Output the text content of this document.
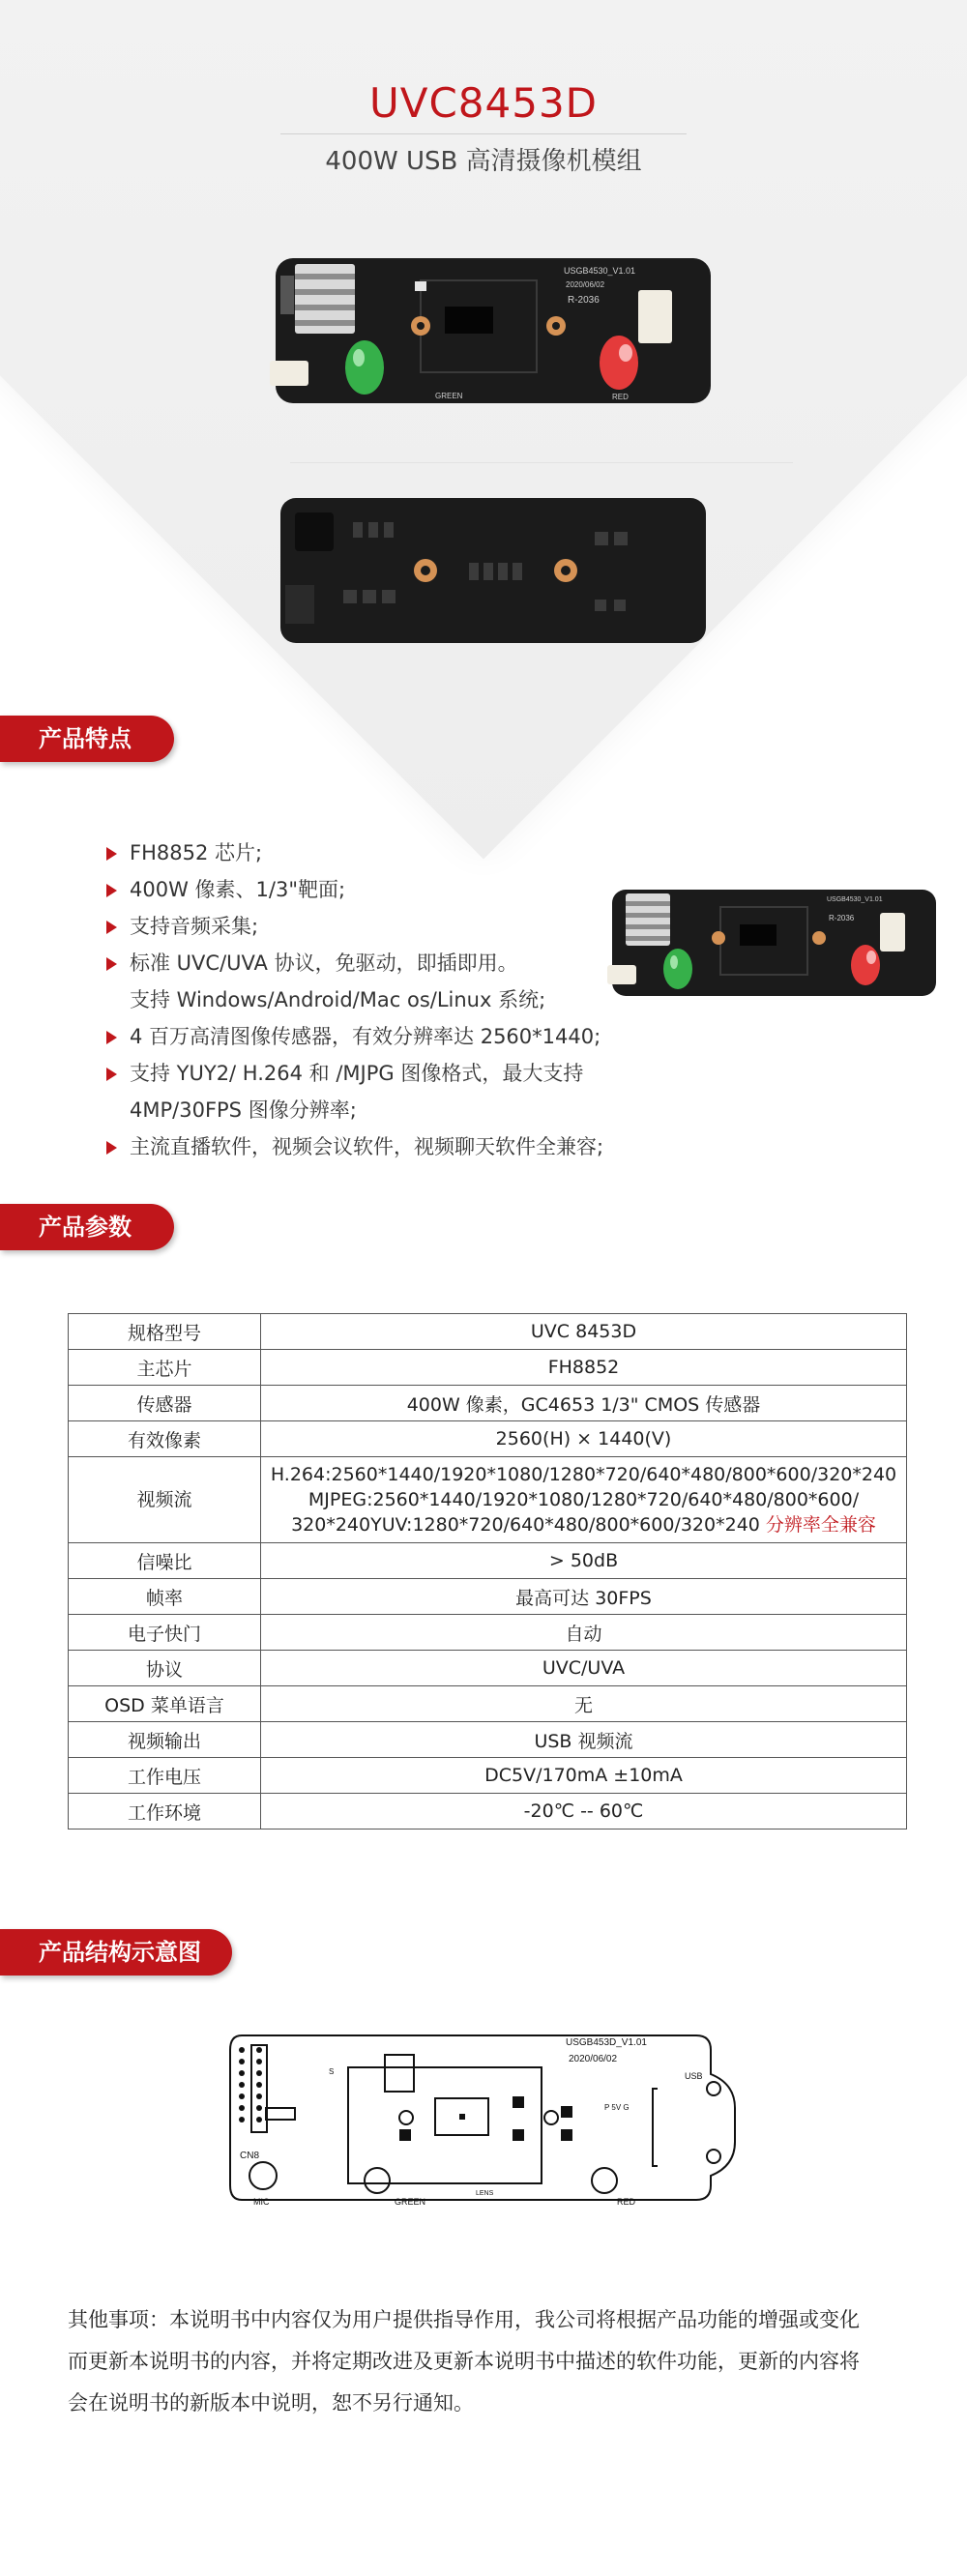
UVC8453D
400W USB 高清摄像机模组
USGB4530_V1.01
2020/06/02
R-2036
GREEN	RED
产品特点
FH8852 芯片;
400W 像素、1/3"靶面;
支持音频采集;
标准 UVC/UVA 协议，免驱动，即插即用。
支持 Windows/Android/Mac os/Linux 系统;
4 百万高清图像传感器，有效分辨率达 2560*1440;
支持 YUY2/ H.264 和 /MJPG 图像格式，最大支持
4MP/30FPS 图像分辨率;
主流直播软件，视频会议软件，视频聊天软件全兼容;
USGB4530_V1.01
R-2036
产品参数
规格型号	UVC 8453D
主芯片	FH8852
传感器	400W 像素，GC4653 1/3" CMOS 传感器
有效像素	2560(H) × 1440(V)
视频流	H.264:2560*1440/1920*1080/1280*720/640*480/800*600/320*240
MJPEG:2560*1440/1920*1080/1280*720/640*480/800*600/
320*240YUV:1280*720/640*480/800*600/320*240 分辨率全兼容

信噪比	> 50dB
帧率	最高可达 30FPS
电子快门	自动
协议	UVC/UVA
OSD 菜单语言	无
视频输出	USB 视频流
工作电压	DC5V/170mA ±10mA
工作环境	-20℃ -- 60℃
产品结构示意图
USGB453D_V1.01
2020/06/02
USB
CN8
MIC	GREEN	RED
LENS
S
P 5V G
其他事项：本说明书中内容仅为用户提供指导作用，我公司将根据产品功能的增强或变化
而更新本说明书的内容，并将定期改进及更新本说明书中描述的软件功能，更新的内容将
会在说明书的新版本中说明，恕不另行通知。
